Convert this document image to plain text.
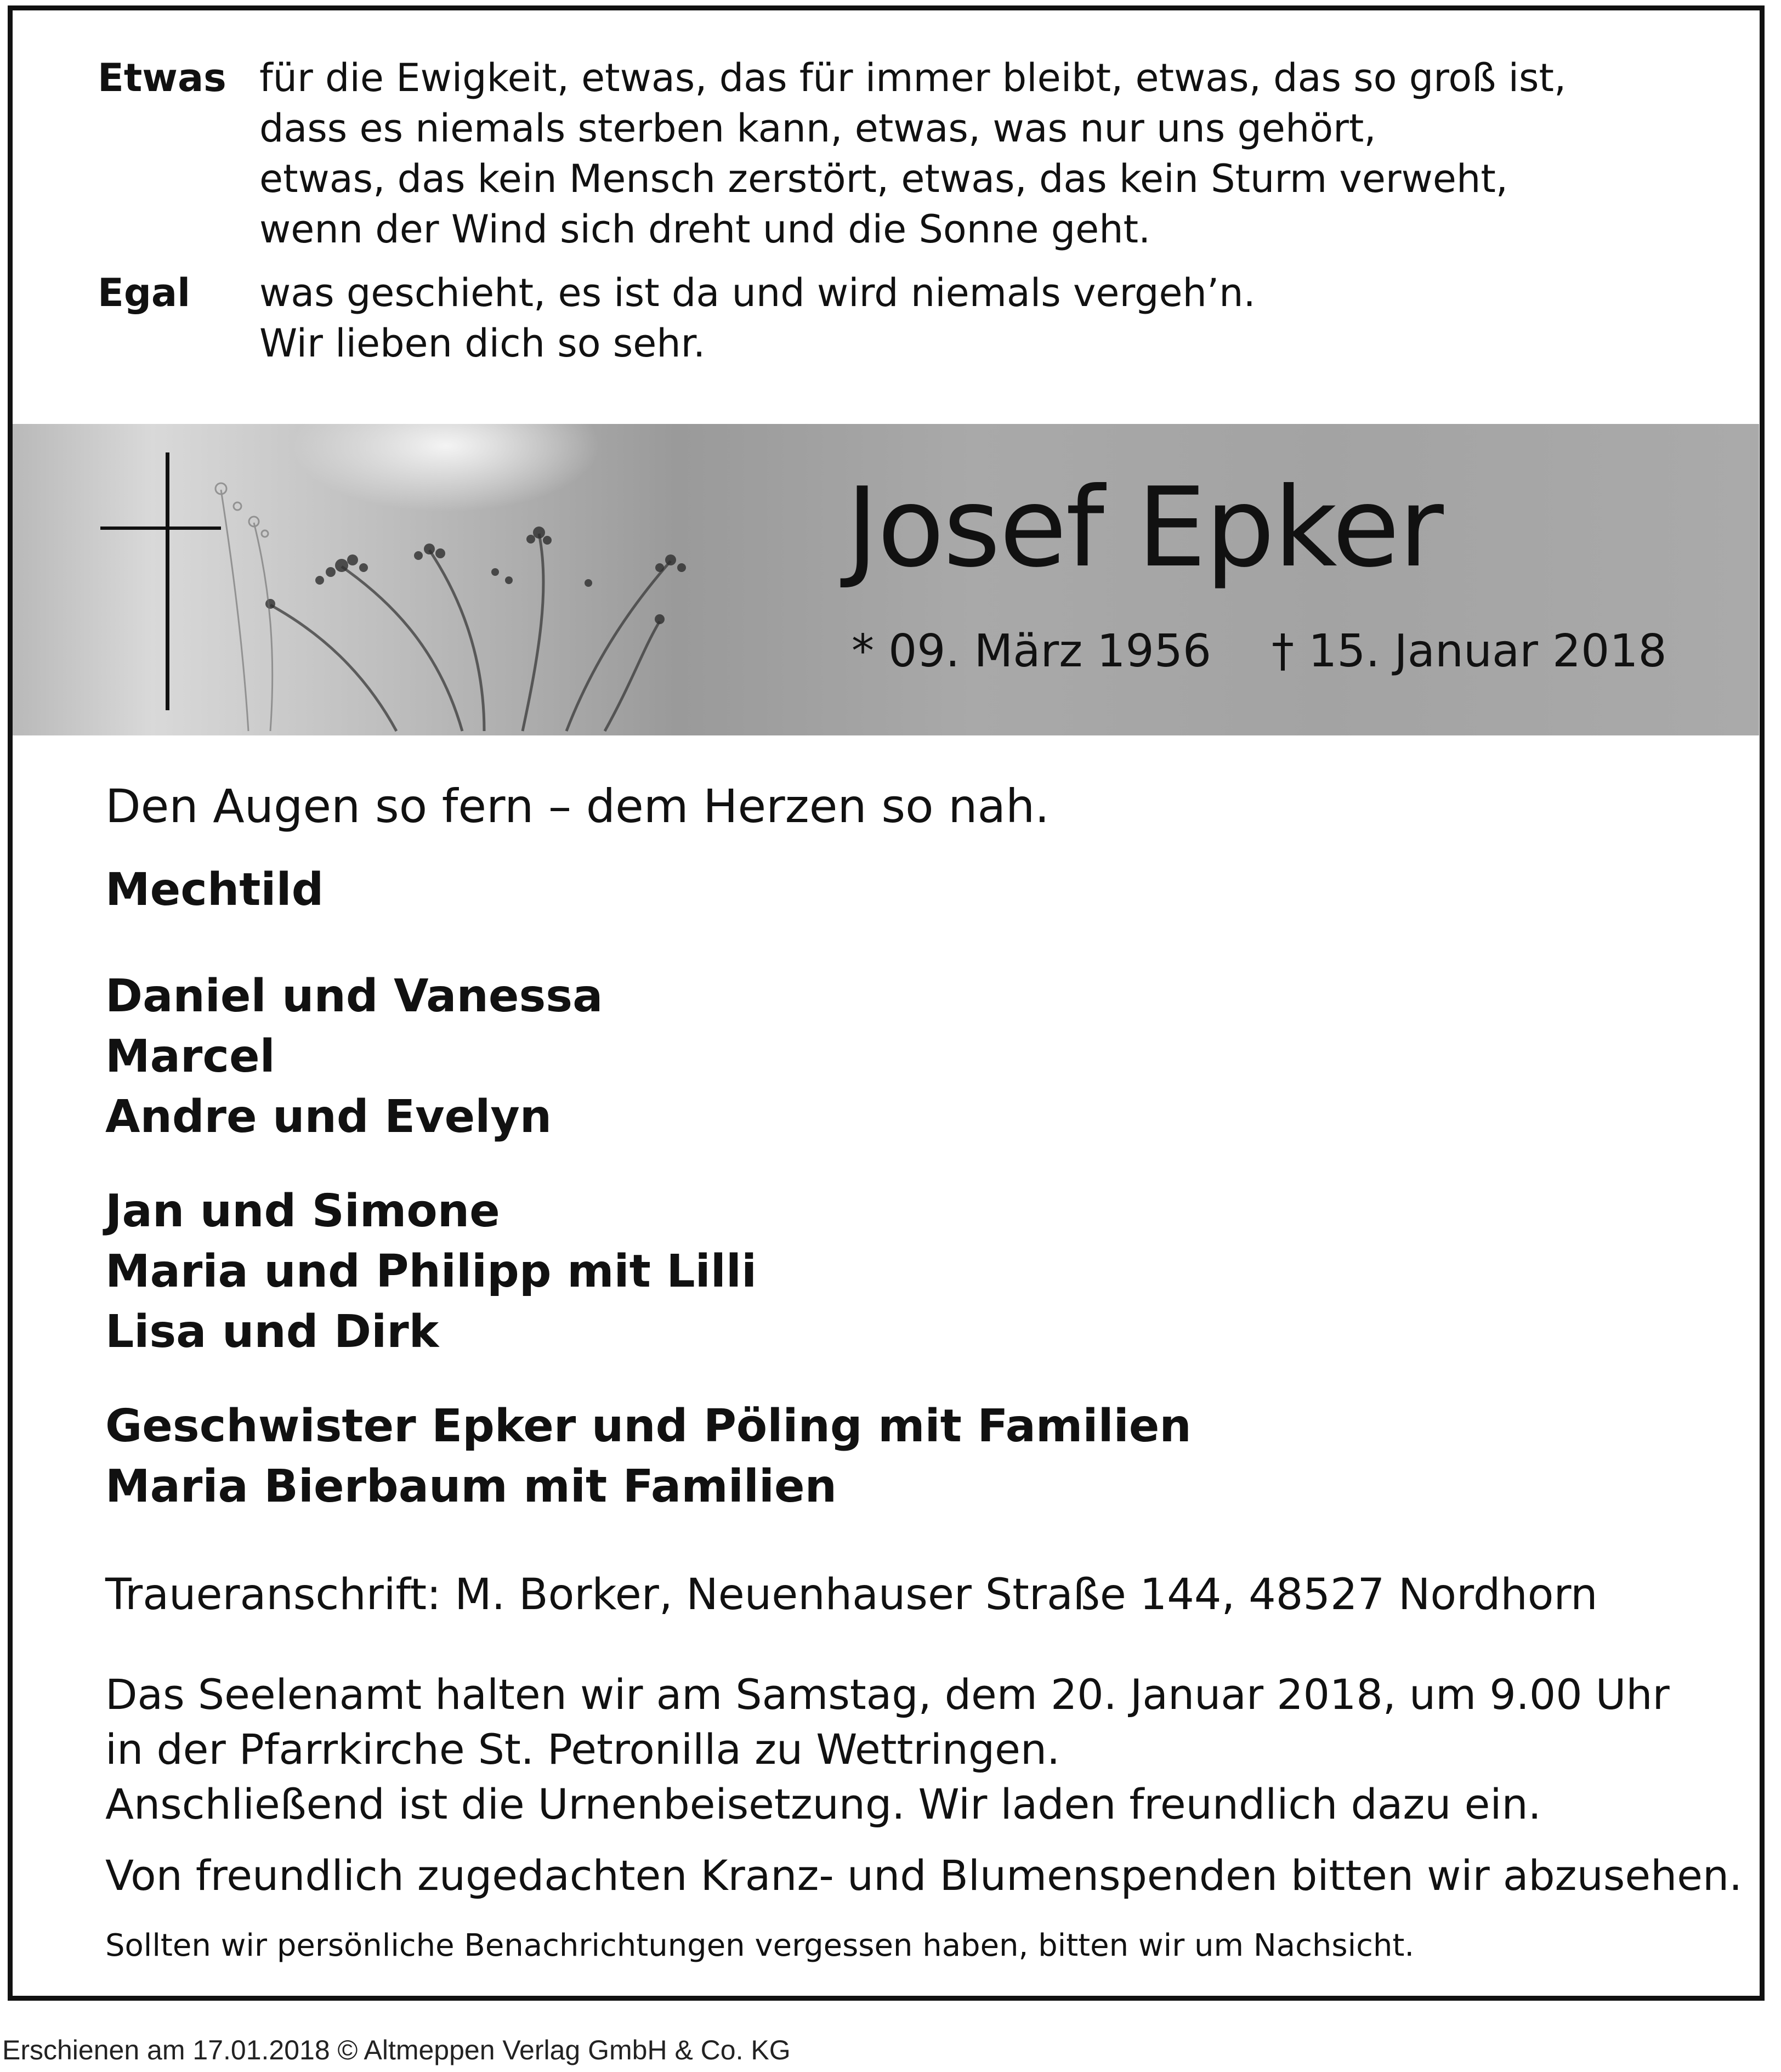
Etwas für die Ewigkeit, etwas, das für immer bleibt, etwas, das so groß ist,
dass es niemals sterben kann, etwas, was nur uns gehört,
etwas, das kein Mensch zerstört, etwas, das kein Sturm verweht,
wenn der Wind sich dreht und die Sonne geht.
Egal	was geschieht, es ist da und wird niemals vergeh’n.
Wir lieben dich so sehr.
Josef Epker
* 09. März 1956 † 15. Januar 2018
Den Augen so fern – dem Herzen so nah.
Mechtild
Daniel und Vanessa
Marcel
Andre und Evelyn
Jan und Simone
Maria und Philipp mit Lilli
Lisa und Dirk
Geschwister Epker und Pöling mit Familien
Maria Bierbaum mit Familien
Traueranschrift: M. Borker, Neuenhauser Straße 144, 48527 Nordhorn
Das Seelenamt halten wir am Samstag, dem 20. Januar 2018, um 9.00 Uhr
in der Pfarrkirche St. Petronilla zu Wettringen.
Anschließend ist die Urnenbeisetzung. Wir laden freundlich dazu ein.
Von freundlich zugedachten Kranz- und Blumenspenden bitten wir abzusehen.
Sollten wir persönliche Benachrichtungen vergessen haben, bitten wir um Nachsicht.
Erschienen am 17.01.2018 © Altmeppen Verlag GmbH & Co. KG
